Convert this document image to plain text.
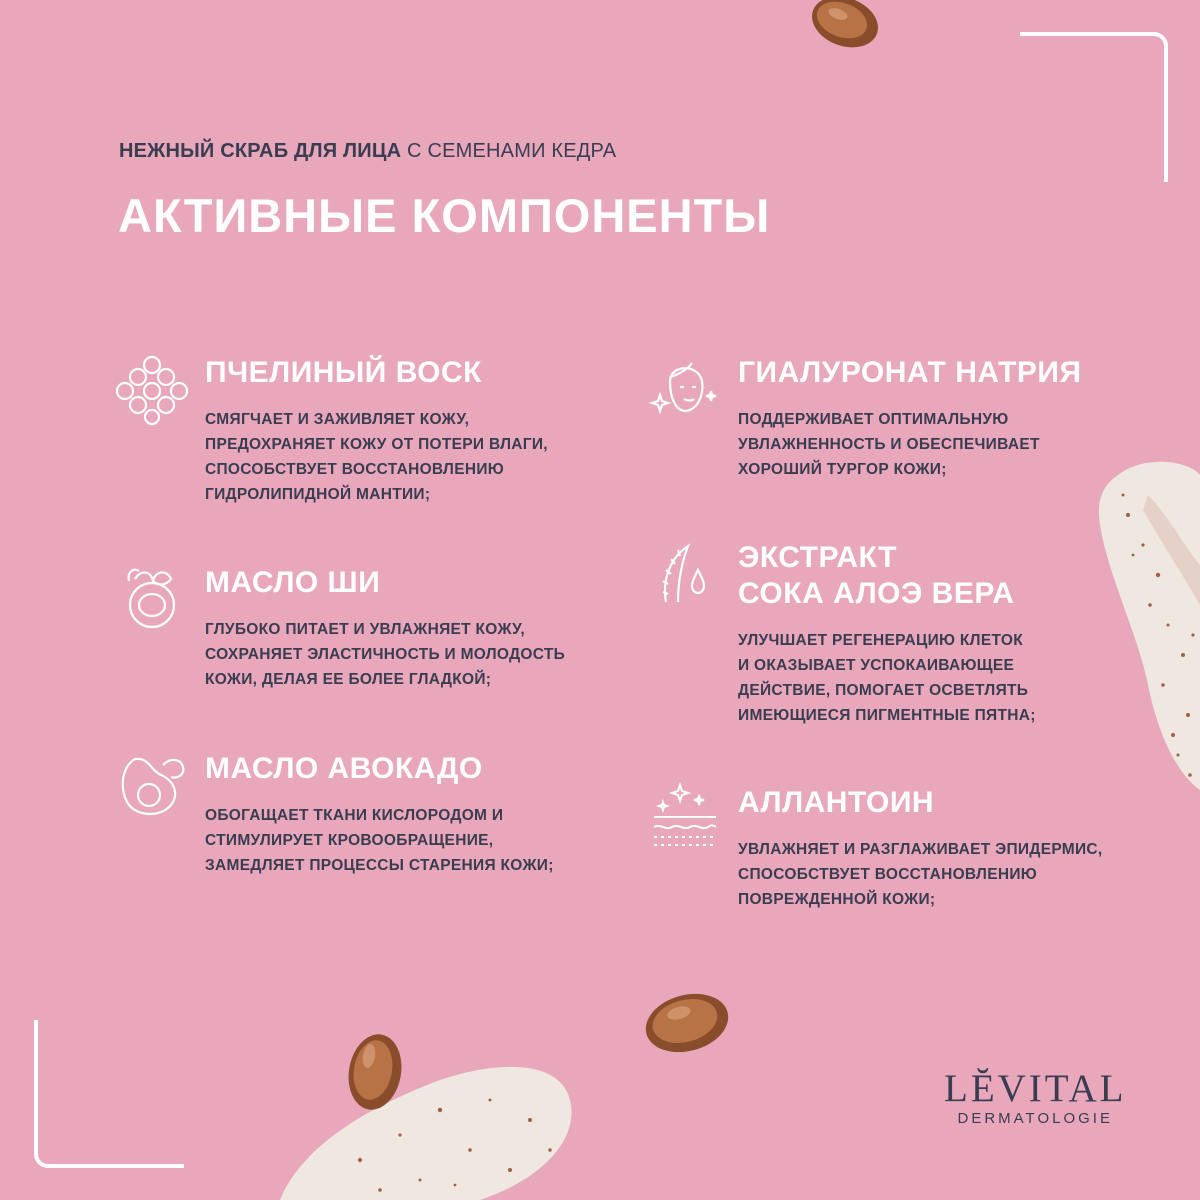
НЕЖНЫЙ СКРАБ ДЛЯ ЛИЦА С СЕМЕНАМИ КЕДРА
АКТИВНЫЕ КОМПОНЕНТЫ
ПЧЕЛИНЫЙ ВОСК
СМЯГЧАЕТ И ЗАЖИВЛЯЕТ КОЖУ,
ПРЕДОХРАНЯЕТ КОЖУ ОТ ПОТЕРИ ВЛАГИ,
СПОСОБСТВУЕТ ВОССТАНОВЛЕНИЮ
ГИДРОЛИПИДНОЙ МАНТИИ;
МАСЛО ШИ
ГЛУБОКО ПИТАЕТ И УВЛАЖНЯЕТ КОЖУ,
СОХРАНЯЕТ ЭЛАСТИЧНОСТЬ И МОЛОДОСТЬ
КОЖИ, ДЕЛАЯ ЕЕ БОЛЕЕ ГЛАДКОЙ;
МАСЛО АВОКАДО
ОБОГАЩАЕТ ТКАНИ КИСЛОРОДОМ И
СТИМУЛИРУЕТ КРОВООБРАЩЕНИЕ,
ЗАМЕДЛЯЕТ ПРОЦЕССЫ СТАРЕНИЯ КОЖИ;
ГИАЛУРОНАТ НАТРИЯ
ПОДДЕРЖИВАЕТ ОПТИМАЛЬНУЮ
УВЛАЖНЕННОСТЬ И ОБЕСПЕЧИВАЕТ
ХОРОШИЙ ТУРГОР КОЖИ;
ЭКСТРАКТ
СОКА АЛОЭ ВЕРА
УЛУЧШАЕТ РЕГЕНЕРАЦИЮ КЛЕТОК
И ОКАЗЫВАЕТ УСПОКАИВАЮЩЕЕ
ДЕЙСТВИЕ, ПОМОГАЕТ ОСВЕТЛЯТЬ
ИМЕЮЩИЕСЯ ПИГМЕНТНЫЕ ПЯТНА;
АЛЛАНТОИН
УВЛАЖНЯЕТ И РАЗГЛАЖИВАЕТ ЭПИДЕРМИС,
СПОСОБСТВУЕТ ВОССТАНОВЛЕНИЮ
ПОВРЕЖДЕННОЙ КОЖИ;
LĔVITAL
DERMATOLOGIE
